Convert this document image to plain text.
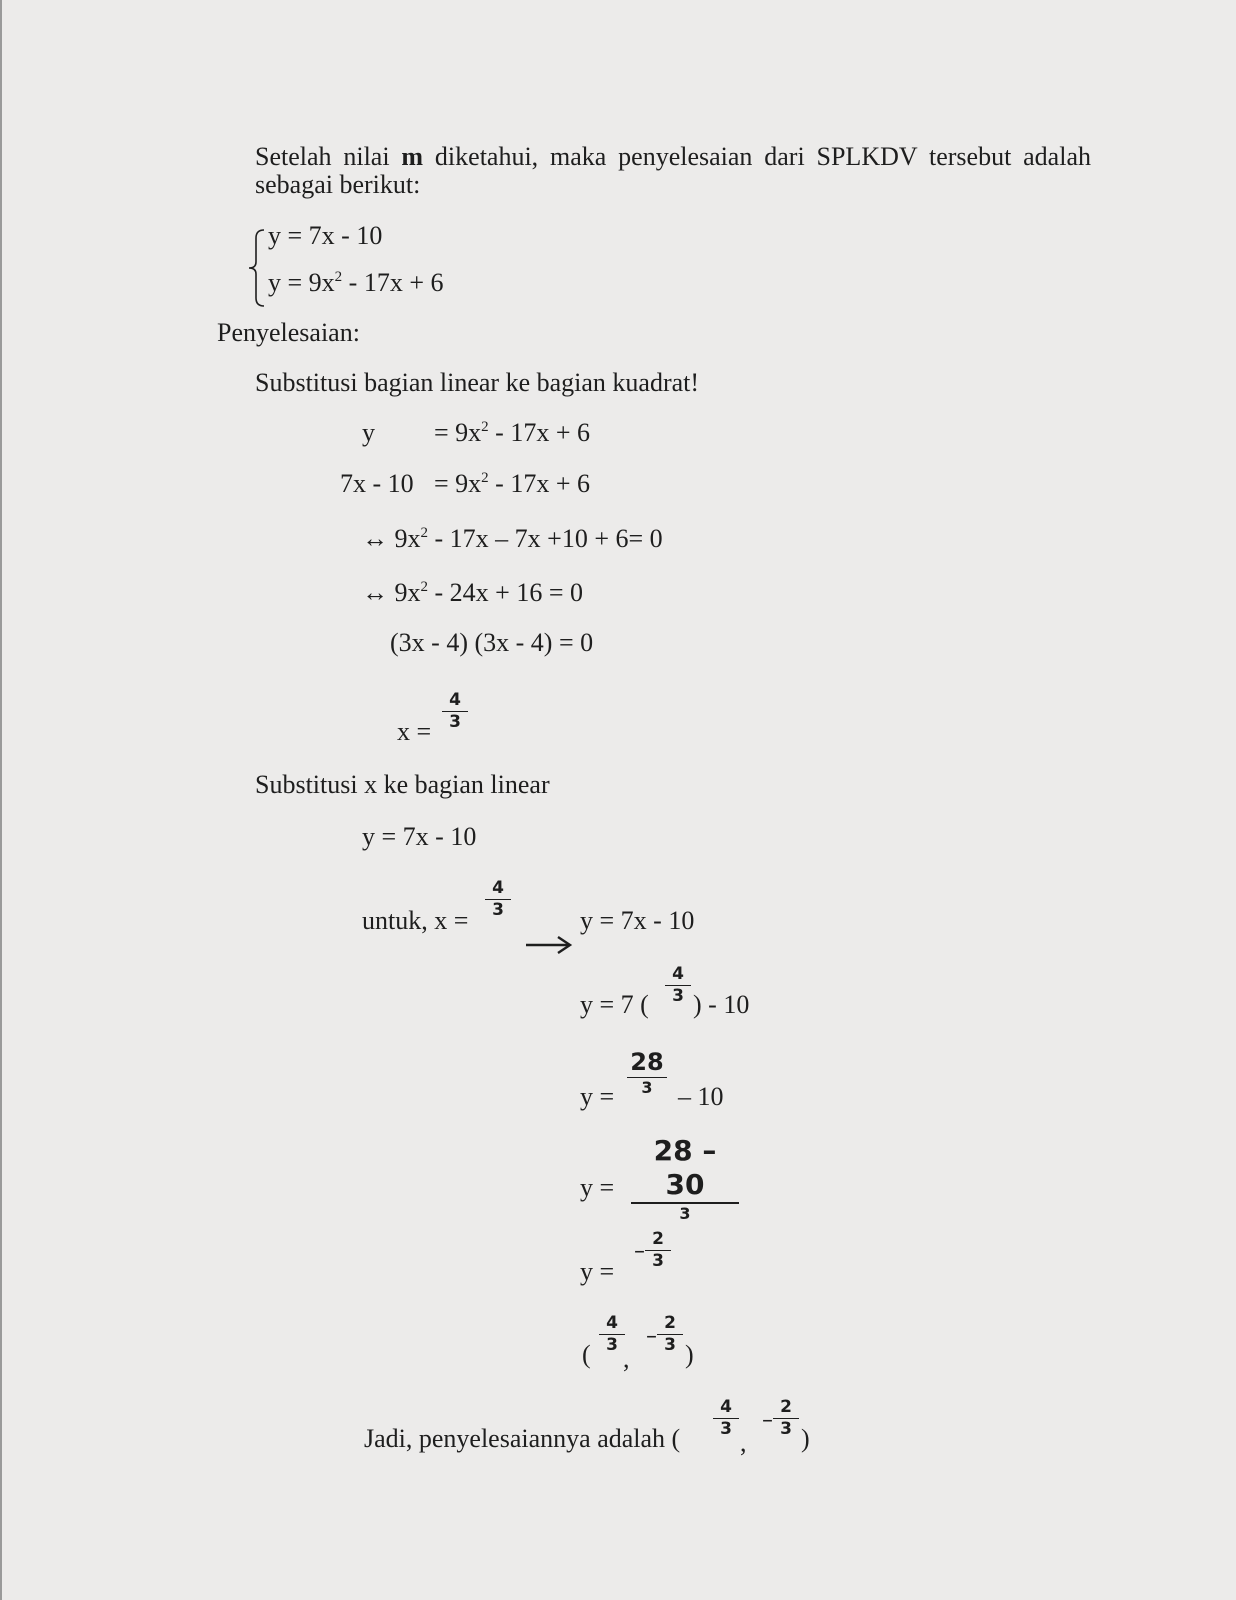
Setelah nilai m diketahui, maka penyelesaian dari SPLKDV tersebut adalah sebagai berikut:
y = 7x - 10
$y = 9x^2 - 17x + 6$
Penyelesaian:
Substitusi bagian linear ke bagian kuadrat!
$y = 9x^2 - 17x + 6$
$7x - 10 = 9x^2 - 17x + 6$
↔ $9x^2 - 17x - 7x +10 + 6= 0$
↔ $9x^2 - 24x + 16 = 0$
(3x - 4) (3x - 4) = 0
$x = \frac{4}{3}$
Substitusi x ke bagian linear
y = 7x - 10
untuk, $x = \frac{4}{3}$	y = 7x - 10
y = 7 ( $\frac{4}{3}$ ) - 10
y =
28
3 – 10
y =
28 – 30
3
y =
– $\frac{2}{3}$
( $\frac{4}{3}$
,
– $\frac{2}{3}$ )
Jadi, penyelesaiannya adalah ( $\frac{4}{3}$
,
– $\frac{2}{3}$ )
